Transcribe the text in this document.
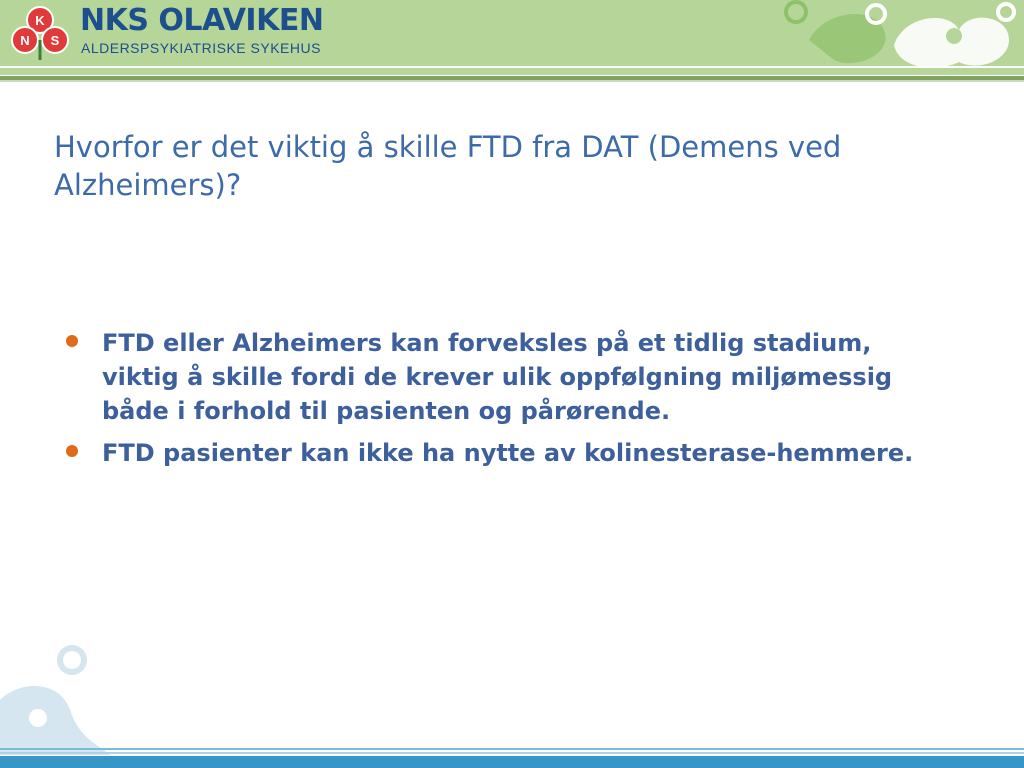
K
N S
NKS OLAVIKEN
ALDERSPSYKIATRISKE SYKEHUS
Hvorfor er det viktig å skille FTD fra DAT (Demens ved Alzheimers)?
FTD eller Alzheimers kan forveksles på et tidlig stadium, viktig å skille fordi de krever ulik oppfølgning miljømessig både i forhold til pasienten og pårørende.
FTD pasienter kan ikke ha nytte av kolinesterase-hemmere.
